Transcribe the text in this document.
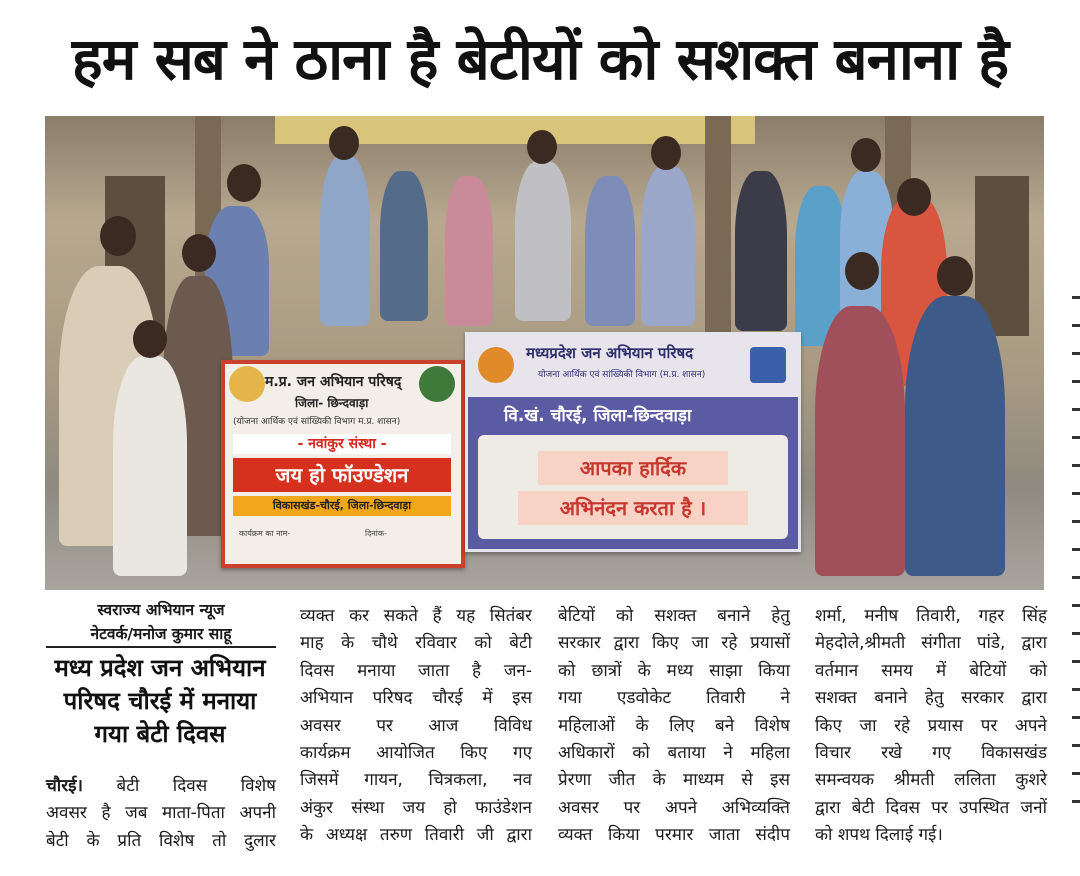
हम सब ने ठाना है बेटीयों को सशक्त बनाना है
म.प्र. जन अभियान परिषद्
जिला- छिन्दवाड़ा
(योजना आर्थिक एवं सांख्यिकी विभाग म.प्र. शासन)
- नवांकुर संस्था -
जय हो फॉउण्डेशन
विकासखंड-चौरई, जिला-छिन्दवाड़ा
कार्यक्रम का नाम-	दिनांक-
मध्यप्रदेश जन अभियान परिषद
योजना आर्थिक एवं सांख्यिकी विभाग (म.प्र. शासन)
वि.खं. चौरई, जिला-छिन्दवाड़ा
आपका हार्दिक
अभिनंदन करता है ।
स्वराज्य अभियान न्यूज
नेटवर्क/मनोज कुमार साहू
मध्य प्रदेश जन अभियान
परिषद चौरई में मनाया
गया बेटी दिवस
चौरई। बेटी दिवस विशेष
अवसर है जब माता-पिता अपनी
बेटी के प्रति विशेष तो दुलार
व्यक्त कर सकते हैं यह सितंबर
माह के चौथे रविवार को बेटी
दिवस मनाया जाता है जन-
अभियान परिषद चौरई में इस
अवसर पर आज विविध
कार्यक्रम आयोजित किए गए
जिसमें गायन, चित्रकला, नव
अंकुर संस्था जय हो फाउंडेशन
के अध्यक्ष तरुण तिवारी जी द्वारा
बेटियों को सशक्त बनाने हेतु
सरकार द्वारा किए जा रहे प्रयासों
को छात्रों के मध्य साझा किया
गया एडवोकेट तिवारी ने
महिलाओं के लिए बने विशेष
अधिकारों को बताया ने महिला
प्रेरणा जीत के माध्यम से इस
अवसर पर अपने अभिव्यक्ति
व्यक्त किया परमार जाता संदीप
शर्मा, मनीष तिवारी, गहर सिंह
मेहदोले,श्रीमती संगीता पांडे, द्वारा
वर्तमान समय में बेटियों को
सशक्त बनाने हेतु सरकार द्वारा
किए जा रहे प्रयास पर अपने
विचार रखे गए विकासखंड
समन्वयक श्रीमती ललिता कुशरे
द्वारा बेटी दिवस पर उपस्थित जनों
को शपथ दिलाई गई।
